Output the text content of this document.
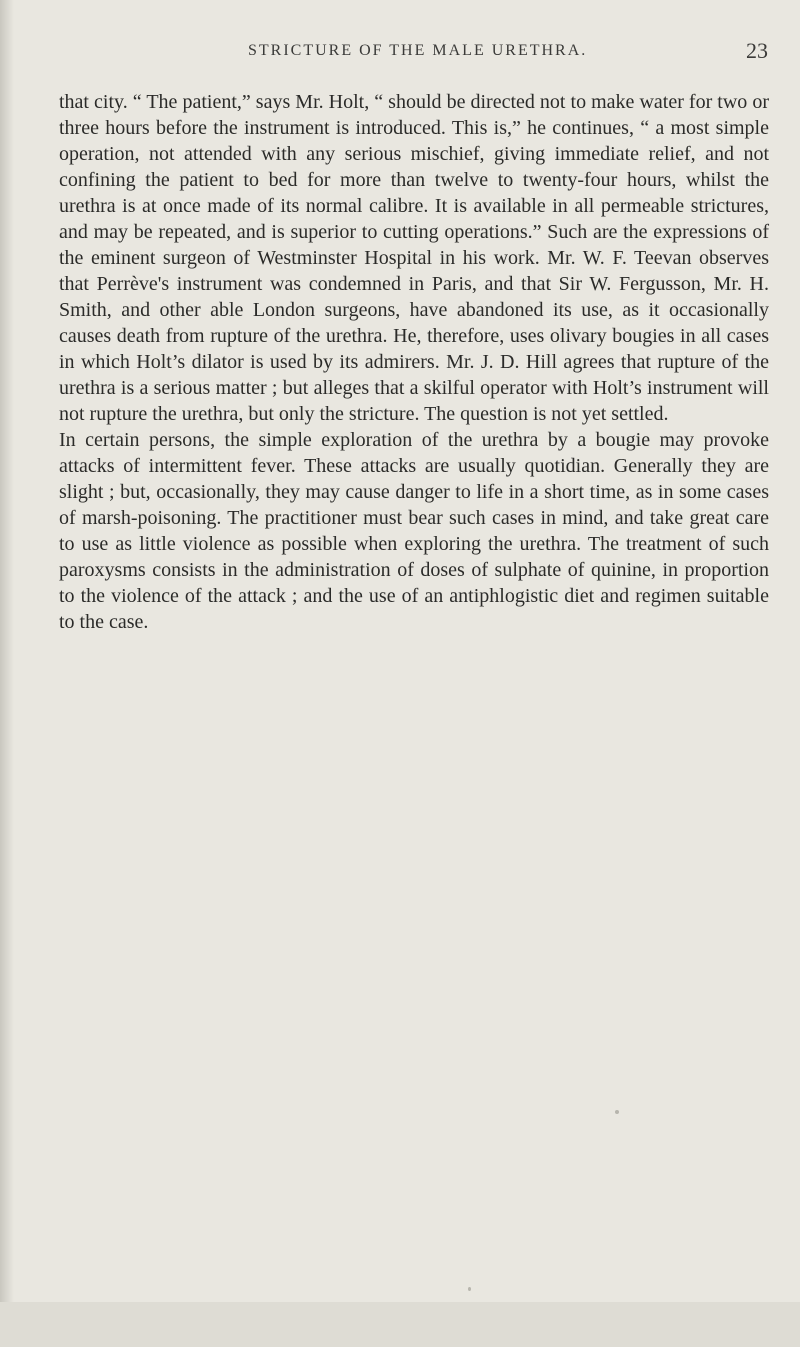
STRICTURE OF THE MALE URETHRA.	23

that city. “ The patient,” says Mr. Holt, “ should be directed not to make water for two or three hours before the instrument is introduced. This is,” he continues, “ a most simple operation, not attended with any serious mischief, giving immediate relief, and not confining the patient to bed for more than twelve to twenty-four hours, whilst the urethra is at once made of its normal calibre. It is available in all permeable strictures, and may be repeated, and is superior to cutting operations.” Such are the expressions of the eminent surgeon of Westminster Hospital in his work. Mr. W. F. Teevan observes that Perrève's instrument was condemned in Paris, and that Sir W. Fergusson, Mr. H. Smith, and other able London surgeons, have abandoned its use, as it occasionally causes death from rupture of the urethra. He, therefore, uses olivary bougies in all cases in which Holt’s dilator is used by its admirers. Mr. J. D. Hill agrees that rupture of the urethra is a serious matter ; but alleges that a skilful operator with Holt’s instrument will not rupture the urethra, but only the stricture. The question is not yet settled.

In certain persons, the simple exploration of the urethra by a bougie may provoke attacks of intermittent fever. These attacks are usually quotidian. Generally they are slight ; but, occasionally, they may cause danger to life in a short time, as in some cases of marsh-poisoning. The practitioner must bear such cases in mind, and take great care to use as little violence as possible when exploring the urethra. The treatment of such paroxysms consists in the administration of doses of sulphate of quinine, in proportion to the violence of the attack ; and the use of an antiphlogistic diet and regimen suitable to the case.
